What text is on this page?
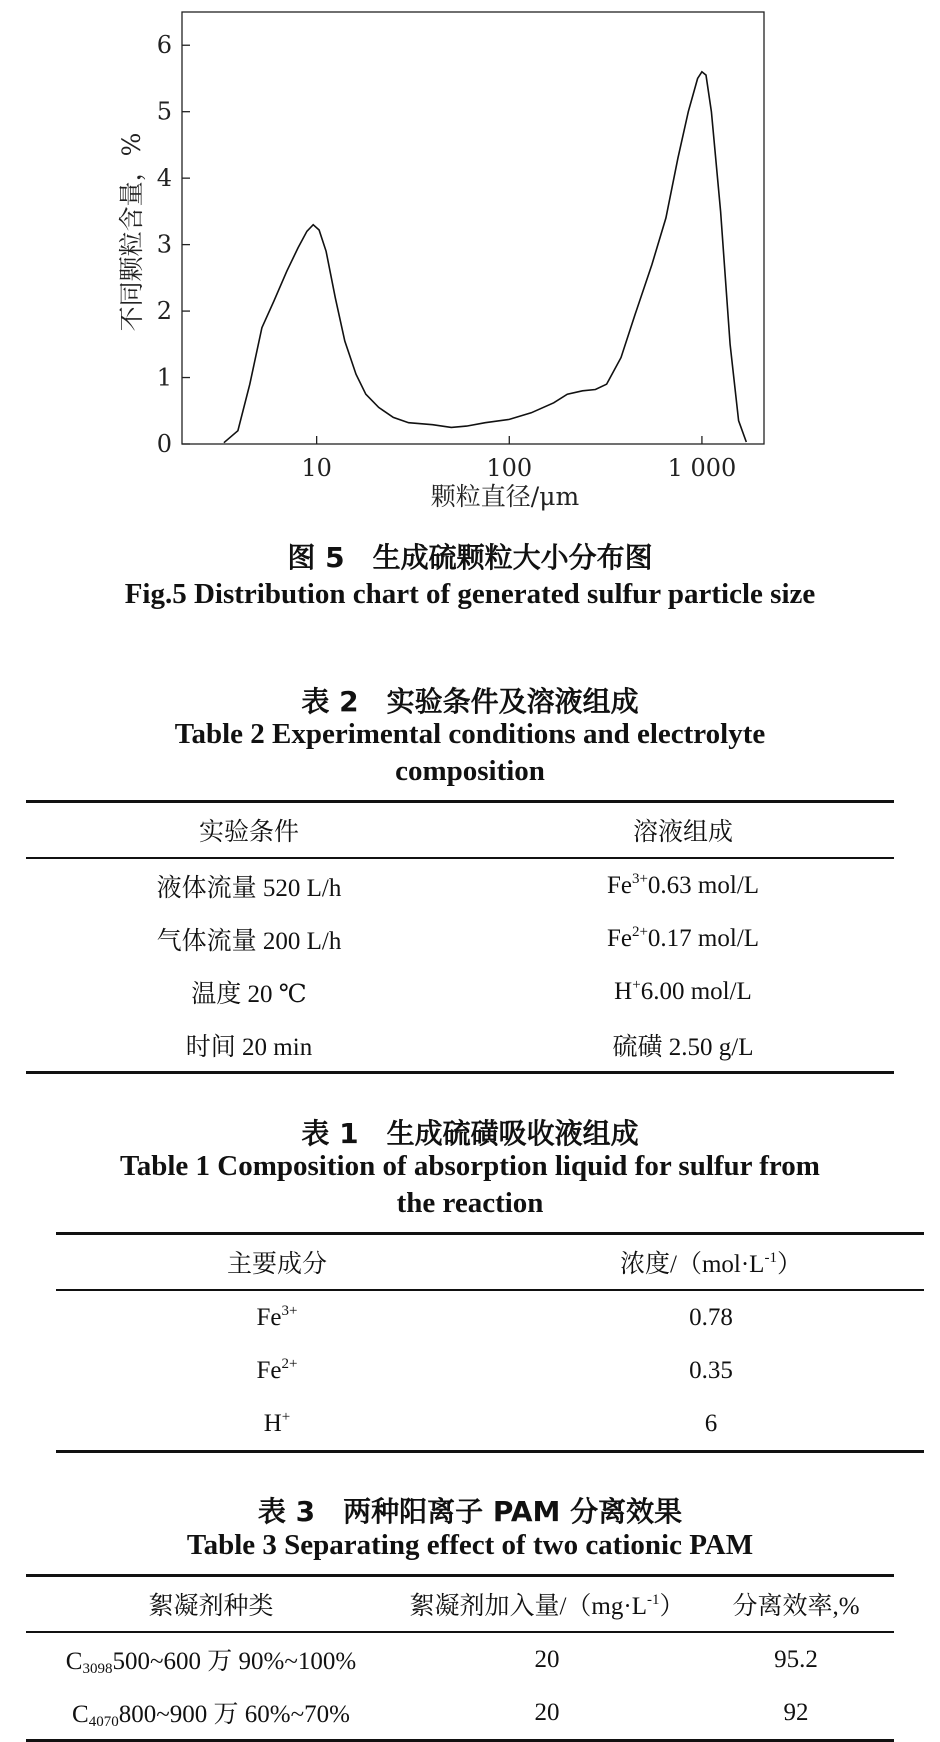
0
1
2
3
4
5
6
10	100	1 000
颗粒直径/μm
不同颗粒含量，%
图 5　生成硫颗粒大小分布图
Fig.5 Distribution chart of generated sulfur particle size
表 2　实验条件及溶液组成
Table 2 Experimental conditions and electrolyte
composition
实验条件	溶液组成
液体流量 520 L/h	$Fe^{3+}0.63$ mol/L
气体流量 200 L/h	$Fe^{2+}0.17$ mol/L
温度 20 ℃	H+6.00 mol/L
时间 20 min	硫磺 2.50 g/L
表 1　生成硫磺吸收液组成
Table 1 Composition of absorption liquid for sulfur from
the reaction
主要成分	浓度$/(mol\cdot L^{-1})$
$Fe^{3+}$	0.78
$Fe^{2+}$	0.35
H+	6
表 3　两种阳离子 PAM 分离效果
Table 3 Separating effect of two cationic PAM
絮凝剂种类	絮凝剂加入量$/(mg\cdot L^{-1})$	分离效率,%
$C_{3098}500\sim 600$ 万 90%~100%	20	95.2
$C_{4070}800\sim 900$ 万 60%~70%	20	92
